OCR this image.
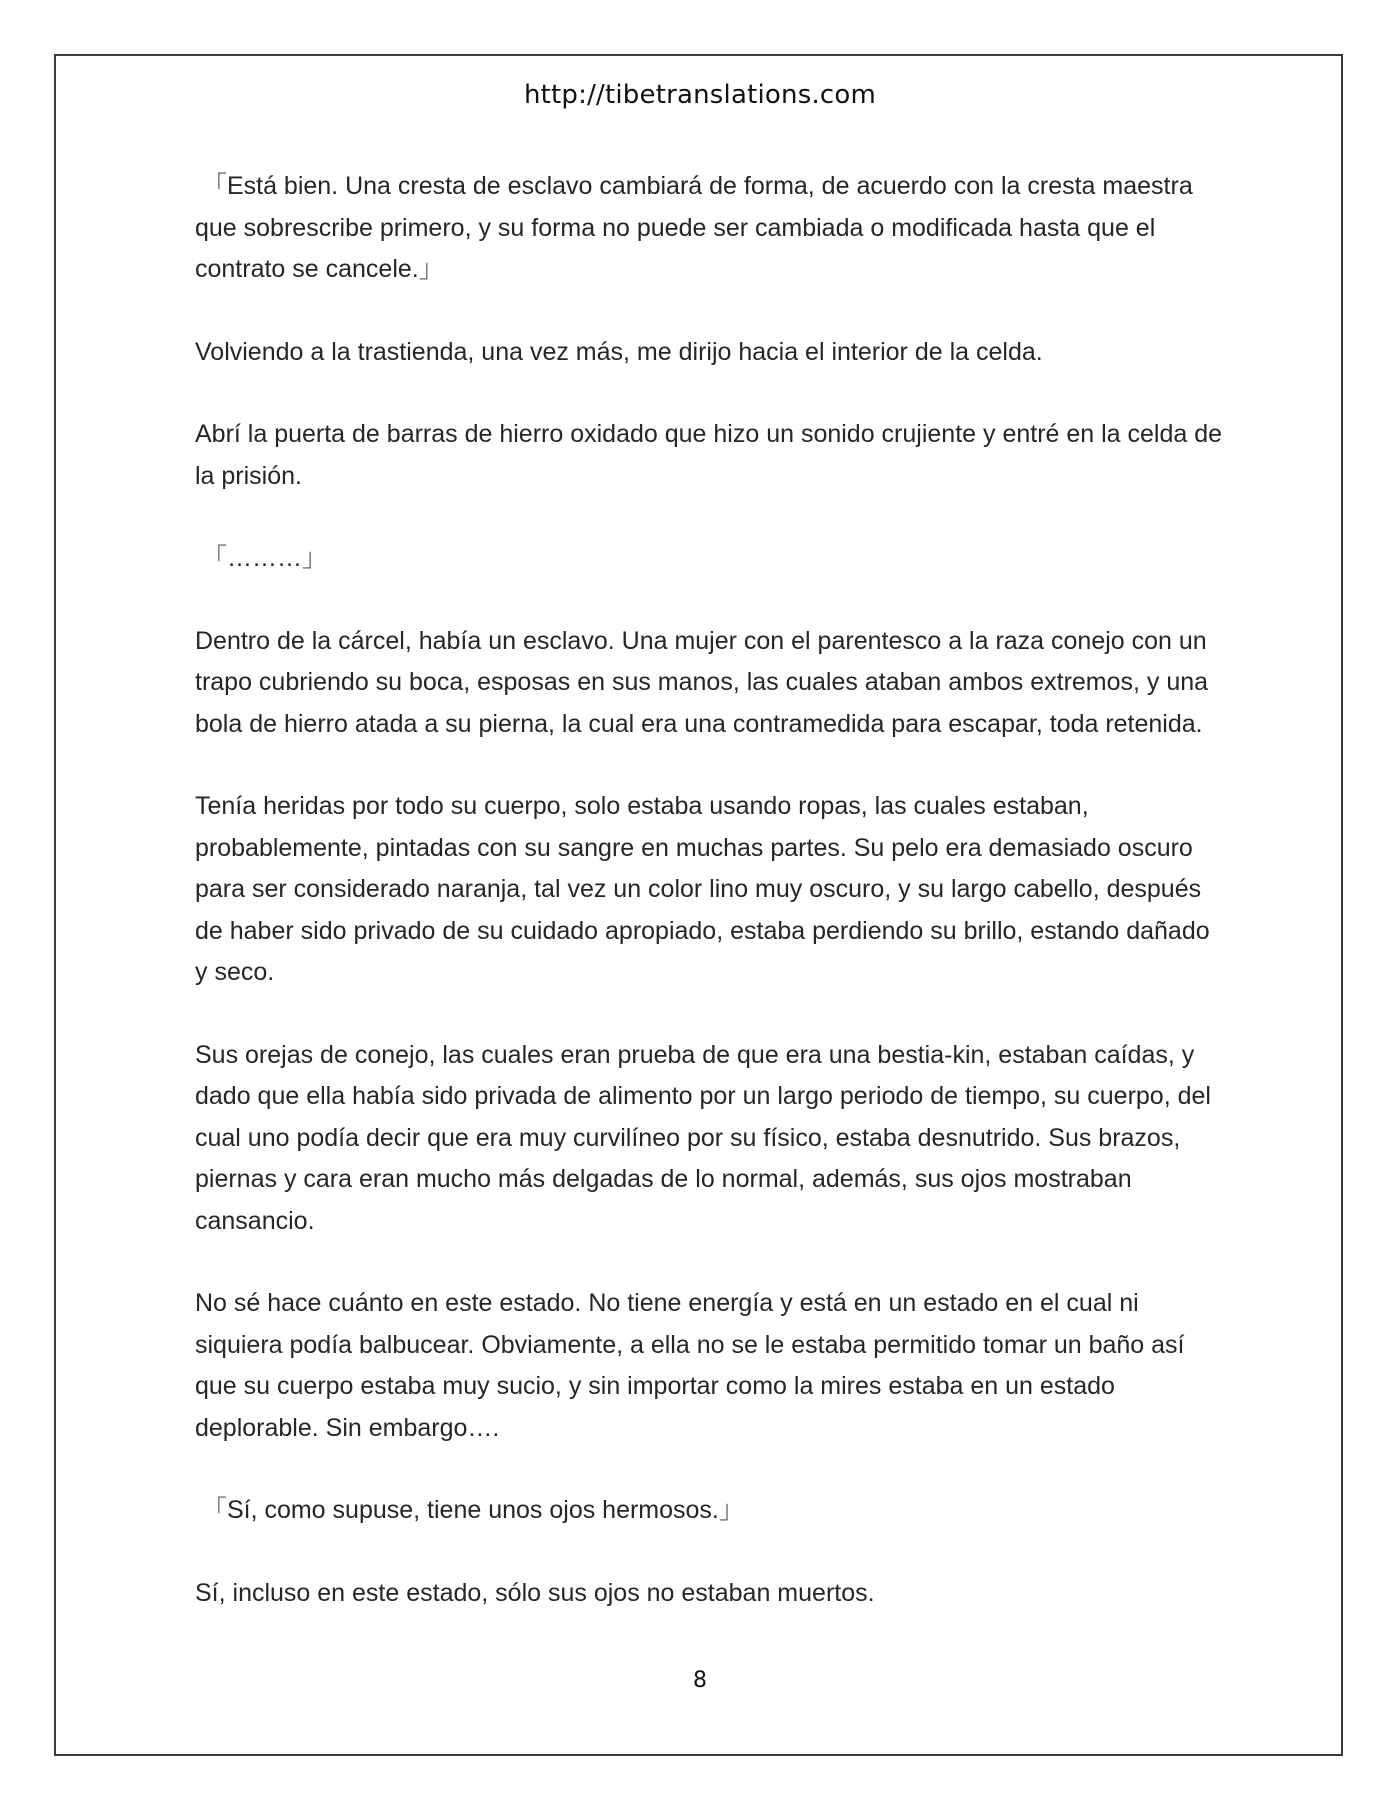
http://tibetranslations.com

「Está bien. Una cresta de esclavo cambiará de forma, de acuerdo con la cresta maestra que sobrescribe primero, y su forma no puede ser cambiada o modificada hasta que el contrato se cancele.」

Volviendo a la trastienda, una vez más, me dirijo hacia el interior de la celda.

Abrí la puerta de barras de hierro oxidado que hizo un sonido crujiente y entré en la celda de la prisión.

「………」

Dentro de la cárcel, había un esclavo. Una mujer con el parentesco a la raza conejo con un trapo cubriendo su boca, esposas en sus manos, las cuales ataban ambos extremos, y una bola de hierro atada a su pierna, la cual era una contramedida para escapar, toda retenida.

Tenía heridas por todo su cuerpo, solo estaba usando ropas, las cuales estaban, probablemente, pintadas con su sangre en muchas partes. Su pelo era demasiado oscuro para ser considerado naranja, tal vez un color lino muy oscuro, y su largo cabello, después de haber sido privado de su cuidado apropiado, estaba perdiendo su brillo, estando dañado y seco.

Sus orejas de conejo, las cuales eran prueba de que era una bestia-kin, estaban caídas, y dado que ella había sido privada de alimento por un largo periodo de tiempo, su cuerpo, del cual uno podía decir que era muy curvilíneo por su físico, estaba desnutrido. Sus brazos, piernas y cara eran mucho más delgadas de lo normal, además, sus ojos mostraban cansancio.

No sé hace cuánto en este estado. No tiene energía y está en un estado en el cual ni siquiera podía balbucear. Obviamente, a ella no se le estaba permitido tomar un baño así que su cuerpo estaba muy sucio, y sin importar como la mires estaba en un estado deplorable. Sin embargo….

「Sí, como supuse, tiene unos ojos hermosos.」

Sí, incluso en este estado, sólo sus ojos no estaban muertos.

8
